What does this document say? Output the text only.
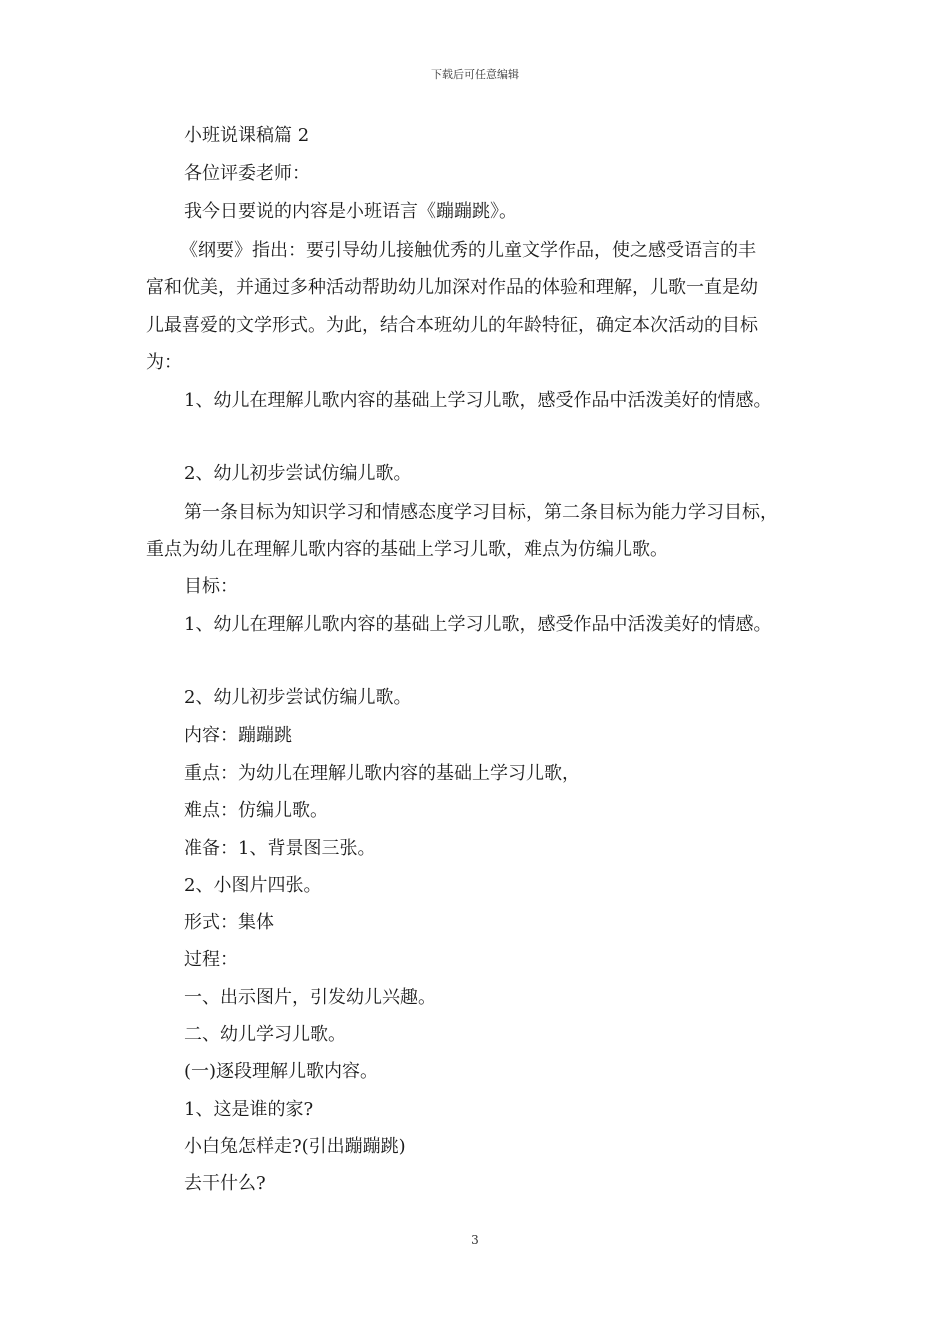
下载后可任意编辑
小班说课稿篇 2
各位评委老师：
我今日要说的内容是小班语言《蹦蹦跳》。
《纲要》指出：要引导幼儿接触优秀的儿童文学作品，使之感受语言的丰
富和优美，并通过多种活动帮助幼儿加深对作品的体验和理解，儿歌一直是幼
儿最喜爱的文学形式。为此，结合本班幼儿的年龄特征，确定本次活动的目标
为：
1、幼儿在理解儿歌内容的基础上学习儿歌，感受作品中活泼美好的情感。
2、幼儿初步尝试仿编儿歌。
第一条目标为知识学习和情感态度学习目标，第二条目标为能力学习目标，
重点为幼儿在理解儿歌内容的基础上学习儿歌，难点为仿编儿歌。
目标：
1、幼儿在理解儿歌内容的基础上学习儿歌，感受作品中活泼美好的情感。
2、幼儿初步尝试仿编儿歌。
内容：蹦蹦跳
重点：为幼儿在理解儿歌内容的基础上学习儿歌，
难点：仿编儿歌。
准备：1、背景图三张。
2、小图片四张。
形式：集体
过程：
一、出示图片，引发幼儿兴趣。
二、幼儿学习儿歌。
(一)逐段理解儿歌内容。
1、这是谁的家?
小白兔怎样走?(引出蹦蹦跳)
去干什么?
3
